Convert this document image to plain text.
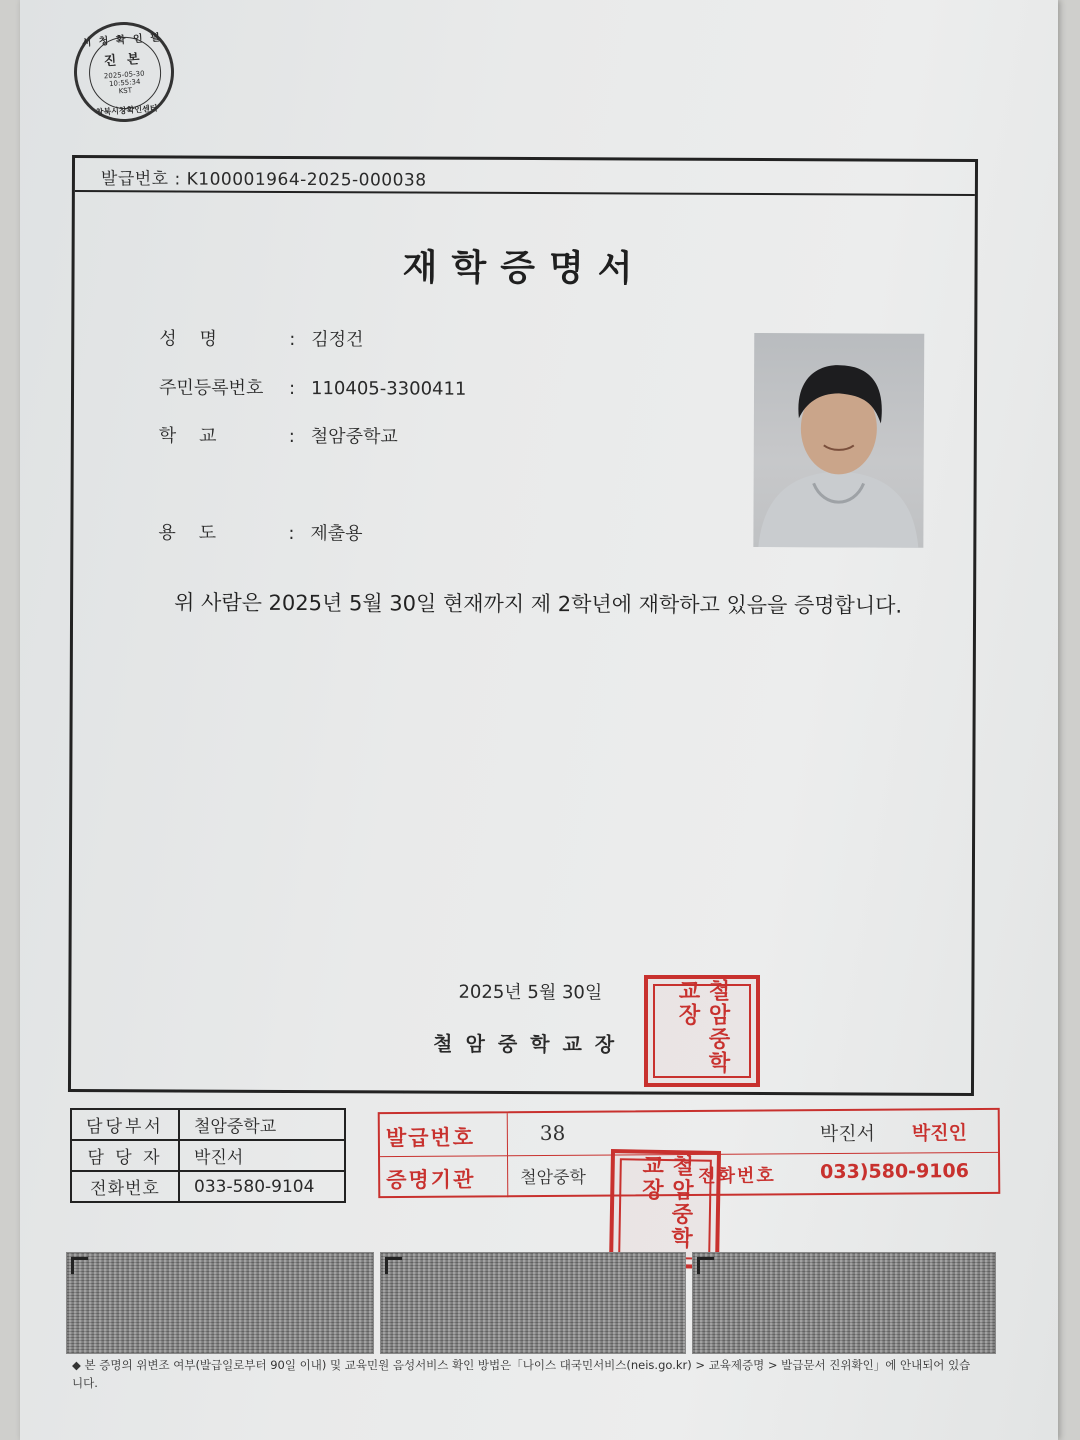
시 청 확 인 필
진 본
2025-05-30
10:55:34
KST
창북시창확인센터
발급번호 : K100001964-2025-000038
재학증명서
성    명	: 김정건
주민등록번호 : 110405-3300411
학    교	: 철암중학교
용    도	: 제출용
위 사람은 2025년 5월 30일 현재까지 제 2학년에 재학하고 있음을 증명합니다.
2025년 5월 30일
철암중학교장	철암중학교장
담당부서	철암중학교
담 당 자	박진서
전화번호	033-580-9104
발급번호	38	박진서 박진인
증명기관	철암중학	전화번호 033)580-9106
철암중학교장
◆ 본 증명의 위변조 여부(발급일로부터 90일 이내) 및 교육민원 음성서비스 확인 방법은「나이스 대국민서비스(neis.go.kr) > 교육제증명 > 발급문서 진위확인」에 안내되어 있습니다.
